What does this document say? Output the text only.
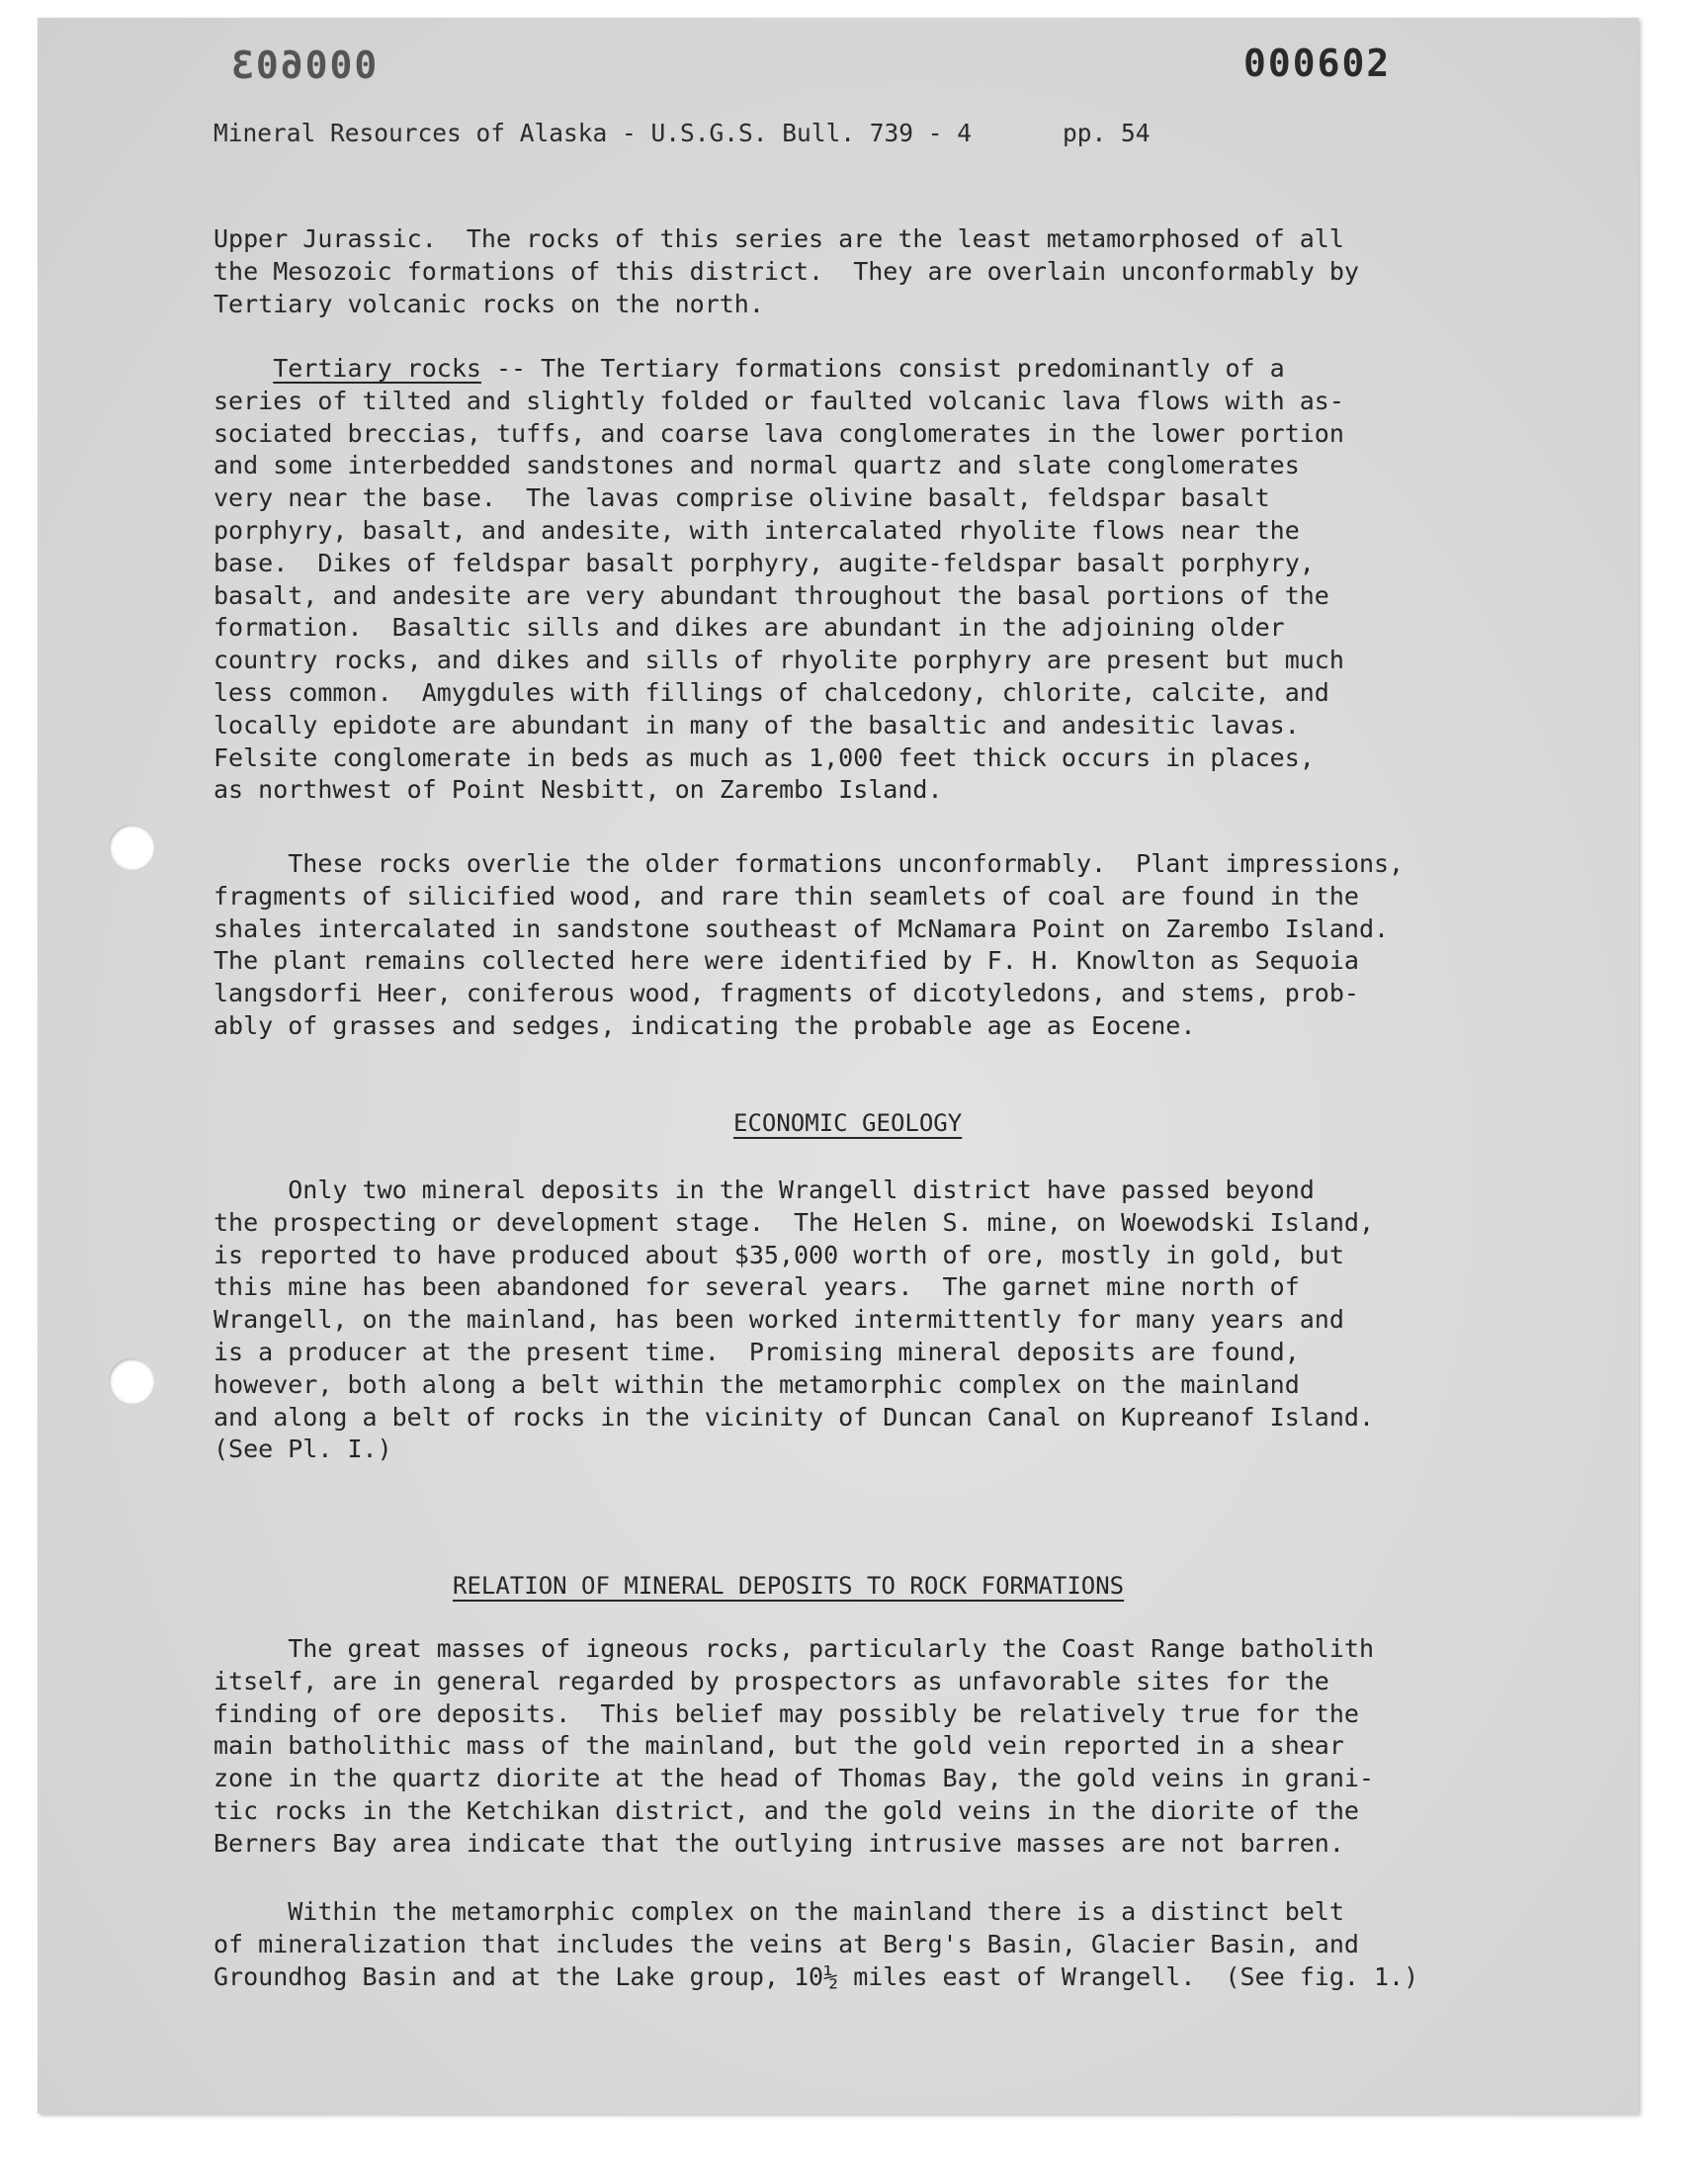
000603	000602
Mineral Resources of Alaska - U.S.G.S. Bull. 739 - 4	pp. 54
Upper Jurassic.  The rocks of this series are the least metamorphosed of all
the Mesozoic formations of this district.  They are overlain unconformably by
Tertiary volcanic rocks on the north.
Tertiary rocks -- The Tertiary formations consist predominantly of a
series of tilted and slightly folded or faulted volcanic lava flows with as-
sociated breccias, tuffs, and coarse lava conglomerates in the lower portion
and some interbedded sandstones and normal quartz and slate conglomerates
very near the base.  The lavas comprise olivine basalt, feldspar basalt
porphyry, basalt, and andesite, with intercalated rhyolite flows near the
base.  Dikes of feldspar basalt porphyry, augite-feldspar basalt porphyry,
basalt, and andesite are very abundant throughout the basal portions of the
formation.  Basaltic sills and dikes are abundant in the adjoining older
country rocks, and dikes and sills of rhyolite porphyry are present but much
less common.  Amygdules with fillings of chalcedony, chlorite, calcite, and
locally epidote are abundant in many of the basaltic and andesitic lavas.
Felsite conglomerate in beds as much as 1,000 feet thick occurs in places,
as northwest of Point Nesbitt, on Zarembo Island.
These rocks overlie the older formations unconformably.  Plant impressions,
fragments of silicified wood, and rare thin seamlets of coal are found in the
shales intercalated in sandstone southeast of McNamara Point on Zarembo Island.
The plant remains collected here were identified by F. H. Knowlton as Sequoia
langsdorfi Heer, coniferous wood, fragments of dicotyledons, and stems, prob-
ably of grasses and sedges, indicating the probable age as Eocene.
ECONOMIC GEOLOGY
Only two mineral deposits in the Wrangell district have passed beyond
the prospecting or development stage.  The Helen S. mine, on Woewodski Island,
is reported to have produced about $35,000 worth of ore, mostly in gold, but
this mine has been abandoned for several years.  The garnet mine north of
Wrangell, on the mainland, has been worked intermittently for many years and
is a producer at the present time.  Promising mineral deposits are found,
however, both along a belt within the metamorphic complex on the mainland
and along a belt of rocks in the vicinity of Duncan Canal on Kupreanof Island.
(See Pl. I.)
RELATION OF MINERAL DEPOSITS TO ROCK FORMATIONS
The great masses of igneous rocks, particularly the Coast Range batholith
itself, are in general regarded by prospectors as unfavorable sites for the
finding of ore deposits.  This belief may possibly be relatively true for the
main batholithic mass of the mainland, but the gold vein reported in a shear
zone in the quartz diorite at the head of Thomas Bay, the gold veins in grani-
tic rocks in the Ketchikan district, and the gold veins in the diorite of the
Berners Bay area indicate that the outlying intrusive masses are not barren.
Within the metamorphic complex on the mainland there is a distinct belt
of mineralization that includes the veins at Berg's Basin, Glacier Basin, and
Groundhog Basin and at the Lake group, 10½ miles east of Wrangell.  (See fig. 1.)
